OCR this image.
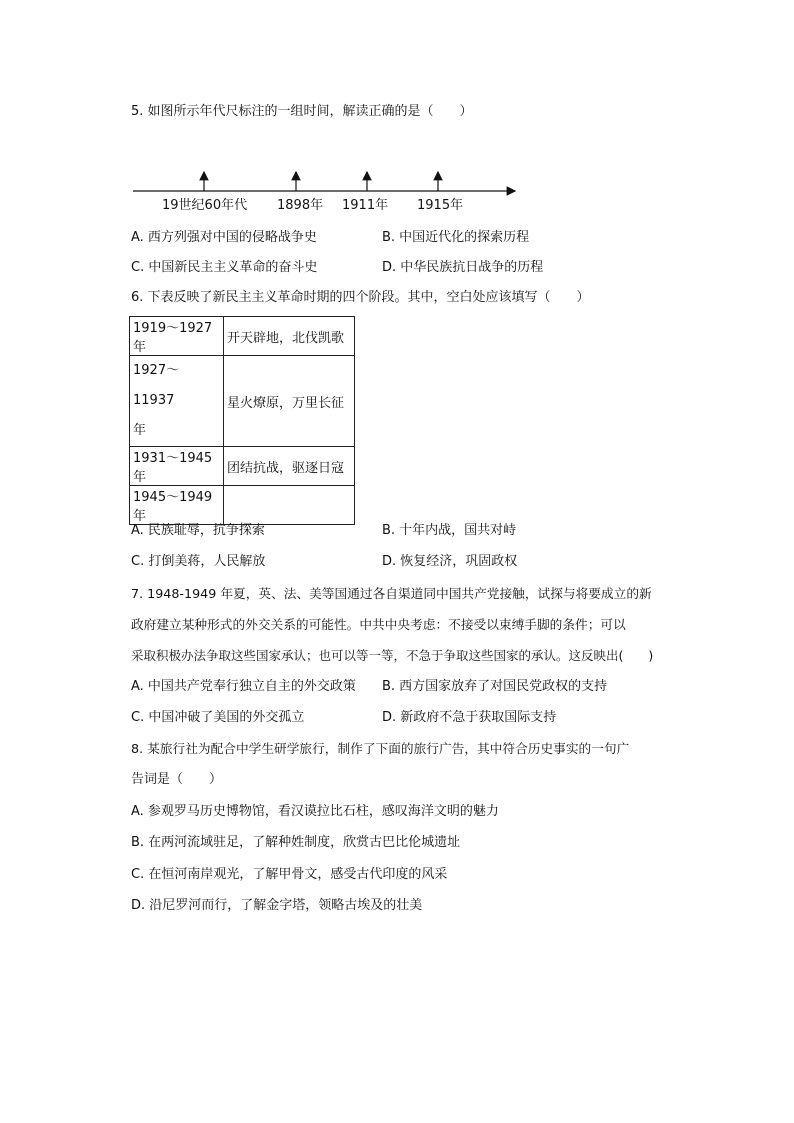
5. 如图所示年代尺标注的一组时间，解读正确的是（　　）
19世纪60年代 1898年 1911年 1915年
A. 西方列强对中国的侵略战争史	B. 中国近代化的探索历程
C. 中国新民主主义革命的奋斗史	D. 中华民族抗日战争的历程
6. 下表反映了新民主主义革命时期的四个阶段。其中，空白处应该填写（　　）
1919～1927 年	开天辟地，北伐凯歌

1927～11937
年	星火燎原，万里长征
1931～1945 年	团结抗战，驱逐日寇
1945～1949 年	
A. 民族耻辱，抗争探索	B. 十年内战，国共对峙
C. 打倒美蒋，人民解放	D. 恢复经济，巩固政权
7. 1948-1949 年夏，英、法、美等国通过各自渠道同中国共产党接触，试探与将要成立的新
政府建立某种形式的外交关系的可能性。中共中央考虑：不接受以束缚手脚的条件；可以
采取积极办法争取这些国家承认；也可以等一等，不急于争取这些国家的承认。这反映出(　　)
A. 中国共产党奉行独立自主的外交政策 B. 西方国家放弃了对国民党政权的支持
C. 中国冲破了美国的外交孤立	D. 新政府不急于获取国际支持
8. 某旅行社为配合中学生研学旅行，制作了下面的旅行广告，其中符合历史事实的一句广
告词是（　　）
A. 参观罗马历史博物馆，看汉谟拉比石柱，感叹海洋文明的魅力
B. 在两河流域驻足，了解种姓制度，欣赏古巴比伦城遗址
C. 在恒河南岸观光，了解甲骨文，感受古代印度的风采
D. 沿尼罗河而行，了解金字塔，领略古埃及的壮美
